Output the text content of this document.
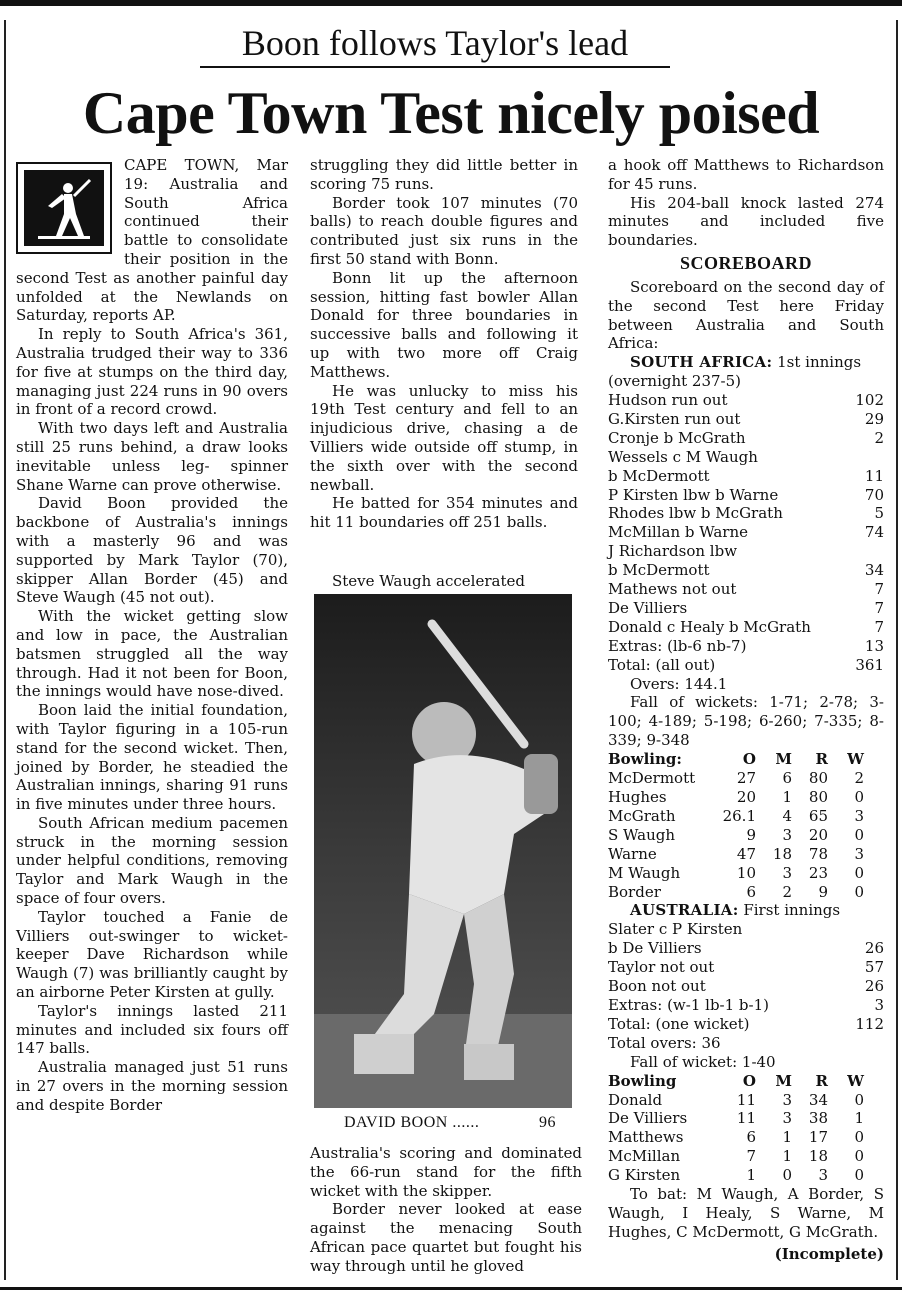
Boon follows Taylor's lead
Cape Town Test nicely poised

CAPE TOWN, Mar 19: Australia and South Africa continued their battle to consolidate their position in the second Test as another painful day unfolded at the Newlands on Saturday, reports AP.

In reply to South Africa's 361, Australia trudged their way to 336 for five at stumps on the third day, managing just 224 runs in 90 overs in front of a record crowd.

With two days left and Australia still 25 runs behind, a draw looks inevitable unless leg- spinner Shane Warne can prove otherwise.

David Boon provided the backbone of Australia's innings with a masterly 96 and was supported by Mark Taylor (70), skipper Allan Border (45) and Steve Waugh (45 not out).

With the wicket getting slow and low in pace, the Australian batsmen struggled all the way through. Had it not been for Boon, the innings would have nose-dived.

Boon laid the initial foundation, with Taylor figuring in a 105-run stand for the second wicket. Then, joined by Border, he steadied the Australian innings, sharing 91 runs in five minutes under three hours.

South African medium pacemen struck in the morning session under helpful conditions, removing Taylor and Mark Waugh in the space of four overs.

Taylor touched a Fanie de Villiers out-swinger to wicket-keeper Dave Richardson while Waugh (7) was brilliantly caught by an airborne Peter Kirsten at gully.

Taylor's innings lasted 211 minutes and included six fours off 147 balls.

Australia managed just 51 runs in 27 overs in the morning session and despite Border

struggling they did little better in scoring 75 runs.

Border took 107 minutes (70 balls) to reach double figures and contributed just six runs in the first 50 stand with Bonn.

Bonn lit up the afternoon session, hitting fast bowler Allan Donald for three boundaries in successive balls and following it up with two more off Craig Matthews.

He was unlucky to miss his 19th Test century and fell to an injudicious drive, chasing a de Villiers wide outside off stump, in the sixth over with the second newball.

He batted for 354 minutes and hit 11 boundaries off 251 balls.

Steve Waugh accelerated
DAVID BOON ......	96

Australia's scoring and dominated the 66-run stand for the fifth wicket with the skipper.

Border never looked at ease against the menacing South African pace quartet but fought his way through until he gloved

a hook off Matthews to Richardson for 45 runs.

His 204-ball knock lasted 274 minutes and included five boundaries.

SCOREBOARD

Scoreboard on the second day of the second Test here Friday between Australia and South Africa:

SOUTH AFRICA: 1st innings
(overnight 237-5)
Hudson run out	102
G.Kirsten run out	29
Cronje b McGrath	2
Wessels c M Waugh
b McDermott	11
P Kirsten lbw b Warne	70
Rhodes lbw b McGrath	5
McMillan b Warne	74
J Richardson lbw
b McDermott	34
Mathews not out	7
De Villiers	7
Donald c Healy b McGrath	7
Extras: (lb-6 nb-7)	13
Total: (all out)	361
Overs: 144.1
Fall of wickets: 1-71; 2-78; 3-100; 4-189; 5-198; 6-260; 7-335; 8-339; 9-348
Bowling:	O	M	R	W
McDermott	27	6	80	2
Hughes	20	1	80	0
McGrath	26.1	4	65	3
S Waugh	9	3	20	0
Warne	47	18	78	3
M Waugh	10	3	23	0
Border	6	2	9	0
AUSTRALIA: First innings
Slater c P Kirsten
b De Villiers	26
Taylor not out	57
Boon not out	26
Extras: (w-1 lb-1 b-1)	3
Total: (one wicket)	112
Total overs: 36
Fall of wicket: 1-40
Bowling	O	M	R	W
Donald	11	3	34	0
De Villiers	11	3	38	1
Matthews	6	1	17	0
McMillan	7	1	18	0
G Kirsten	1	0	3	0

To bat: M Waugh, A Border, S Waugh, I Healy, S Warne, M Hughes, C McDermott, G McGrath.

(Incomplete)
